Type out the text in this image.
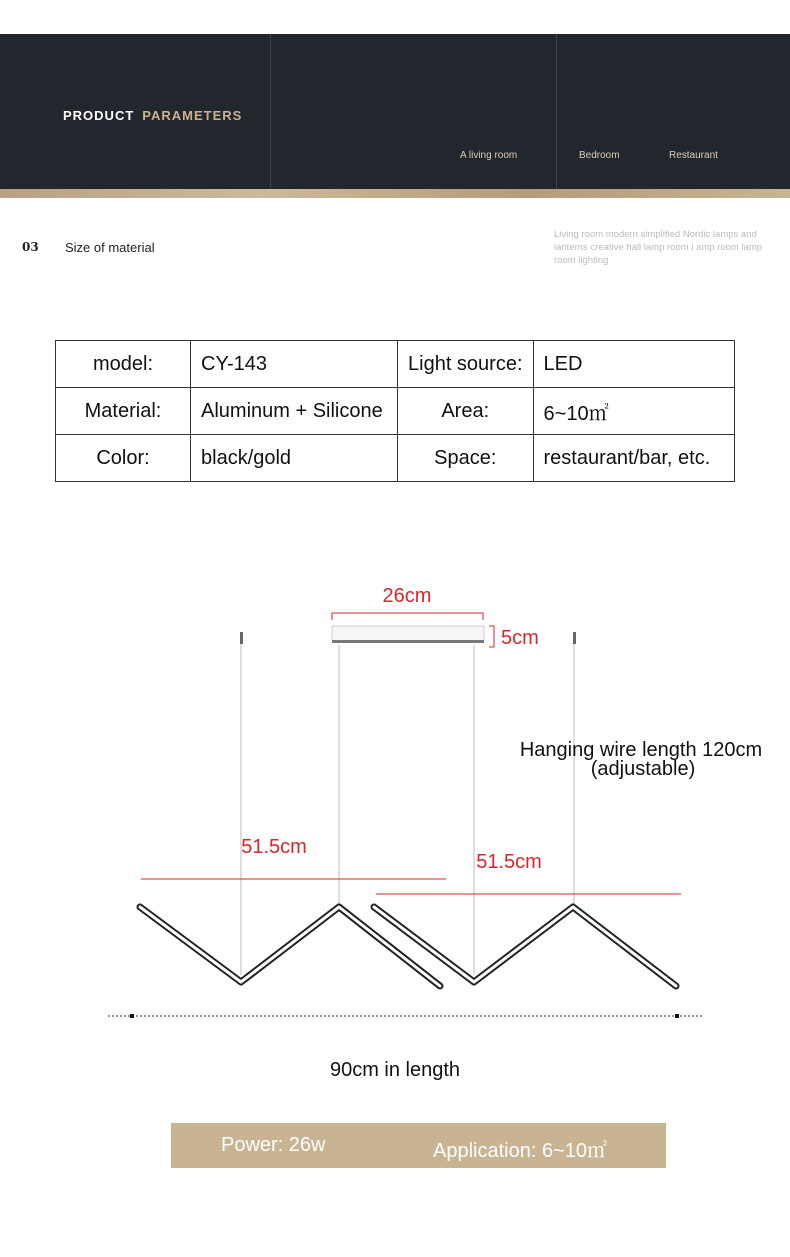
PRODUCT PARAMETERS
A living room	Bedroom	Restaurant
03 Size of material
Living room modern simplified Nordic lamps and lanterns creative hall lamp room l amp room lamp room lighting
model:	CY-143	Light source:	LED
Material:	Aluminum + Silicone	Area:	6~10㎡
Color:	black/gold	Space:	restaurant/bar, etc.
26cm
5cm
Hanging wire length 120cm
(adjustable)
51.5cm
51.5cm
90cm in length
Power: 26w	Application: 6~10㎡
